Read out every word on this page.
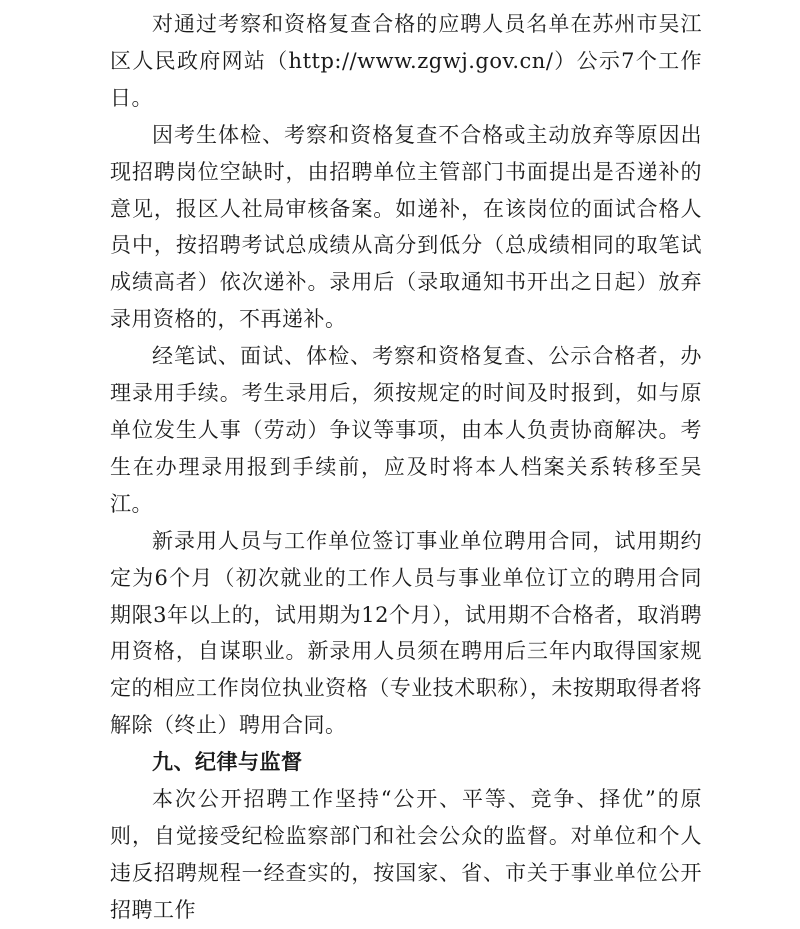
对通过考察和资格复查合格的应聘人员名单在苏州市吴江区人民政府网站（http://www.zgwj.gov.cn/）公示7个工作日。

因考生体检、考察和资格复查不合格或主动放弃等原因出现招聘岗位空缺时，由招聘单位主管部门书面提出是否递补的意见，报区人社局审核备案。如递补，在该岗位的面试合格人员中，按招聘考试总成绩从高分到低分（总成绩相同的取笔试成绩高者）依次递补。录用后（录取通知书开出之日起）放弃录用资格的，不再递补。

经笔试、面试、体检、考察和资格复查、公示合格者，办理录用手续。考生录用后，须按规定的时间及时报到，如与原单位发生人事（劳动）争议等事项，由本人负责协商解决。考生在办理录用报到手续前，应及时将本人档案关系转移至吴江。

新录用人员与工作单位签订事业单位聘用合同，试用期约定为6个月（初次就业的工作人员与事业单位订立的聘用合同期限3年以上的，试用期为12个月），试用期不合格者，取消聘用资格，自谋职业。新录用人员须在聘用后三年内取得国家规定的相应工作岗位执业资格（专业技术职称），未按期取得者将解除（终止）聘用合同。

九、纪律与监督

本次公开招聘工作坚持“公开、平等、竞争、择优”的原则，自觉接受纪检监察部门和社会公众的监督。对单位和个人违反招聘规程一经查实的，按国家、省、市关于事业单位公开招聘工作
